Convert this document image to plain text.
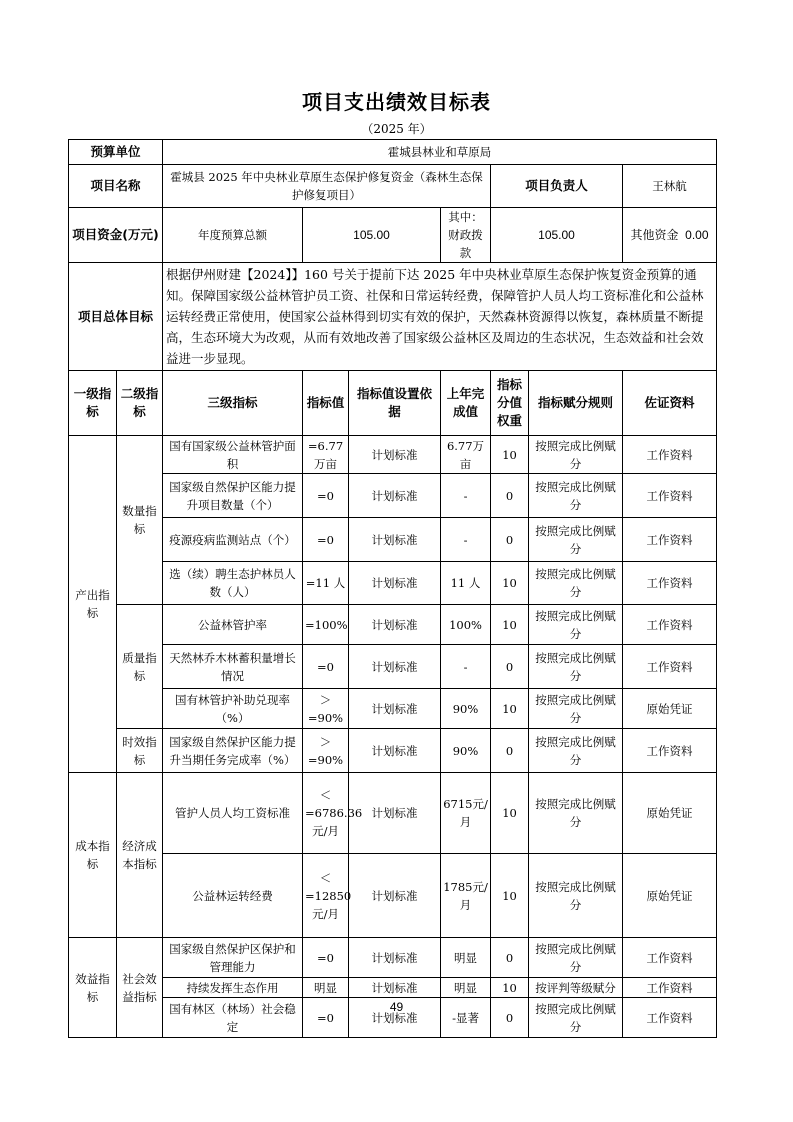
项目支出绩效目标表
（2025 年）
预算单位		霍城县林业和草原局						
项目名称		霍城县 2025 年中央林业草原生态保护修复资金（森林生态保护修复项目）				项目负责人		王林航
项目资金(万元)		年度预算总额	105.00		其中：财政拨款	105.00		其他资金 0.00
项目总体目标		根据伊州财建【2024】】160 号关于提前下达 2025 年中央林业草原生态保护恢复资金预算的通知。保障国家级公益林管护员工资、社保和日常运转经费，保障管护人员人均工资标准化和公益林运转经费正常使用，使国家公益林得到切实有效的保护，天然森林资源得以恢复，森林质量不断提高，生态环境大为改观，从而有效地改善了国家级公益林区及周边的生态状况，生态效益和社会效益进一步显现。						
一级指标	二级指标	三级指标	指标值	指标值设置依据	上年完成值	指标分值权重	指标赋分规则	佐证资料
产出指标	数量指标	国有国家级公益林管护面积	=6.77万亩	计划标准	6.77万亩	10	按照完成比例赋分	工作资料
		国家级自然保护区能力提升项目数量（个）	=0	计划标准	-	0	按照完成比例赋分	工作资料
		疫源疫病监测站点（个）	=0	计划标准	-	0	按照完成比例赋分	工作资料
		选（续）聘生态护林员人数（人）	=11 人	计划标准	11 人	10	按照完成比例赋分	工作资料
	质量指标	公益林管护率	=100%	计划标准	100%	10	按照完成比例赋分	工作资料
		天然林乔木林蓄积量增长情况	=0	计划标准	-	0	按照完成比例赋分	工作资料
		国有林管护补助兑现率（%）	＞=90%	计划标准	90%	10	按照完成比例赋分	原始凭证
	时效指标	国家级自然保护区能力提升当期任务完成率（%）	＞=90%	计划标准	90%	0	按照完成比例赋分	工作资料
成本指标	经济成本指标	管护人员人均工资标准	＜=6786.36元/月	计划标准	6715元/月	10	按照完成比例赋分	原始凭证
		公益林运转经费	＜=12850元/月	计划标准	1785元/月	10	按照完成比例赋分	原始凭证
效益指标	社会效益指标	国家级自然保护区保护和管理能力	=0	计划标准	明显	0	按照完成比例赋分	工作资料
		持续发挥生态作用	明显	计划标准	明显	10	按评判等级赋分	工作资料
		国有林区（林场）社会稳定	=0	计划标准	-显著	0	按照完成比例赋分	工作资料
49
